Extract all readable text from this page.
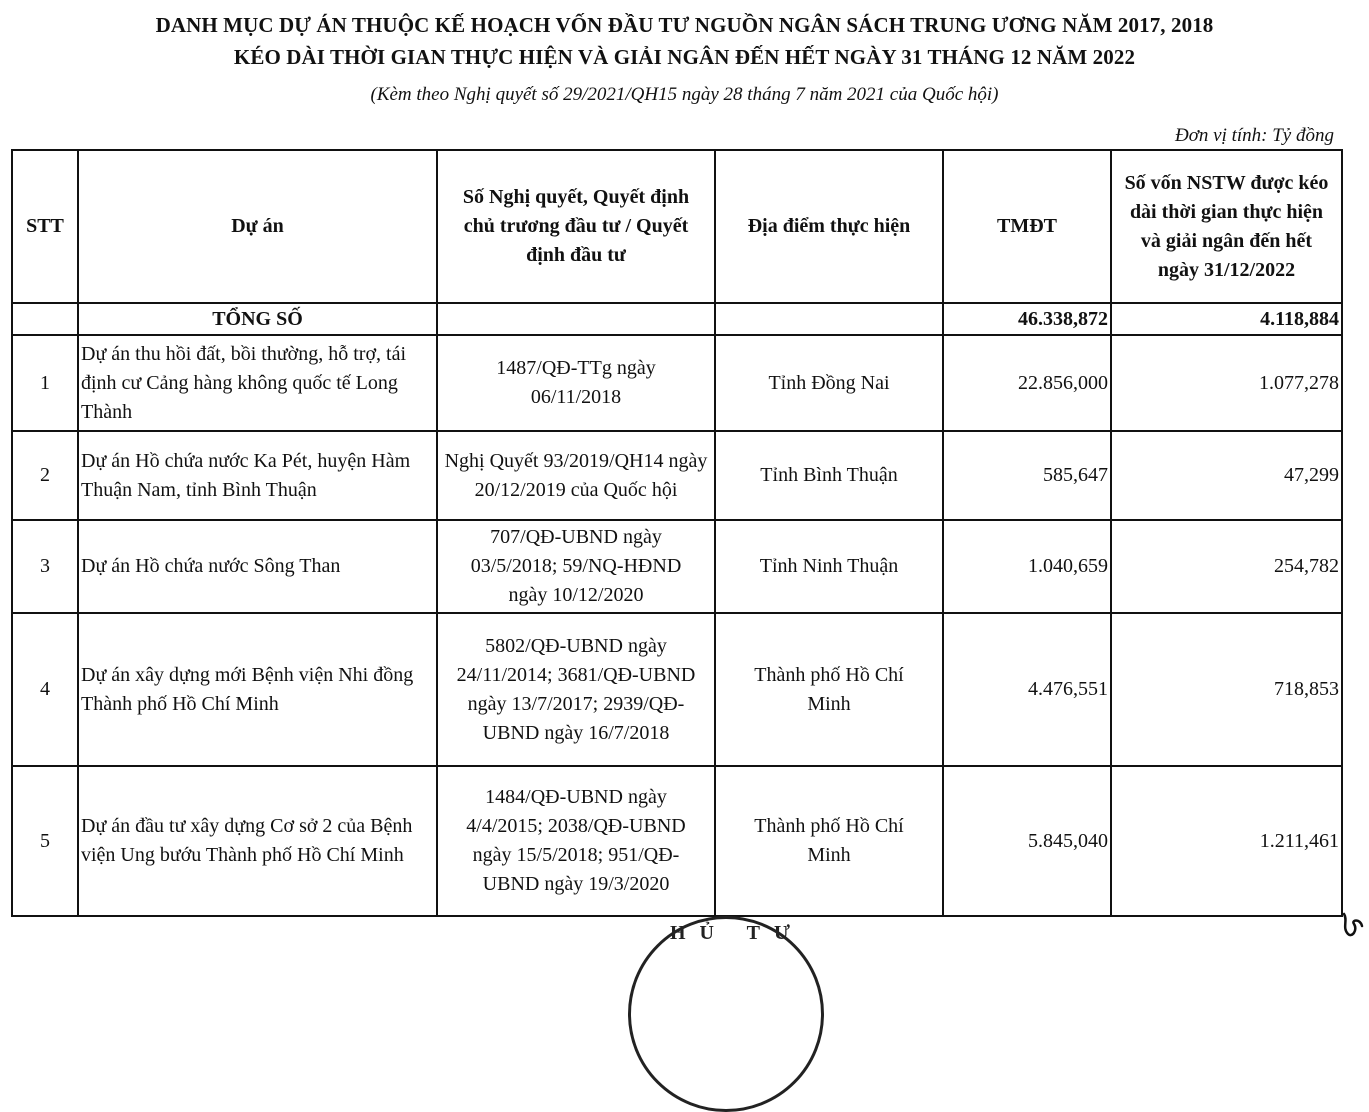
DANH MỤC DỰ ÁN THUỘC KẾ HOẠCH VỐN ĐẦU TƯ NGUỒN NGÂN SÁCH TRUNG ƯƠNG NĂM 2017, 2018
KÉO DÀI THỜI GIAN THỰC HIỆN VÀ GIẢI NGÂN ĐẾN HẾT NGÀY 31 THÁNG 12 NĂM 2022
(Kèm theo Nghị quyết số 29/2021/QH15 ngày 28 tháng 7 năm 2021 của Quốc hội)
Đơn vị tính: Tỷ đồng
STT	Dự án	Số Nghị quyết, Quyết định chủ trương đầu tư / Quyết định đầu tư	Địa điểm thực hiện	TMĐT	Số vốn NSTW được kéo dài thời gian thực hiện và giải ngân đến hết ngày 31/12/2022
	TỔNG SỐ			46.338,872	4.118,884
1	Dự án thu hồi đất, bồi thường, hỗ trợ, tái định cư Cảng hàng không quốc tế Long Thành	1487/QĐ-TTg ngày 06/11/2018	Tỉnh Đồng Nai	22.856,000	1.077,278
2	Dự án Hồ chứa nước Ka Pét, huyện Hàm Thuận Nam, tỉnh Bình Thuận	Nghị Quyết 93/2019/QH14 ngày 20/12/2019 của Quốc hội	Tỉnh Bình Thuận	585,647	47,299
3	Dự án Hồ chứa nước Sông Than	707/QĐ-UBND ngày 03/5/2018; 59/NQ-HĐND ngày 10/12/2020	Tỉnh Ninh Thuận	1.040,659	254,782
4	Dự án xây dựng mới Bệnh viện Nhi đồng Thành phố Hồ Chí Minh	5802/QĐ-UBND ngày 24/11/2014; 3681/QĐ-UBND ngày 13/7/2017; 2939/QĐ-UBND ngày 16/7/2018	Thành phố Hồ Chí Minh	4.476,551	718,853
5	Dự án đầu tư xây dựng Cơ sở 2 của Bệnh viện Ung bướu Thành phố Hồ Chí Minh	1484/QĐ-UBND ngày 4/4/2015; 2038/QĐ-UBND ngày 15/5/2018; 951/QĐ-UBND ngày 19/3/2020	Thành phố Hồ Chí Minh	5.845,040	1.211,461
HỦ TƯ
